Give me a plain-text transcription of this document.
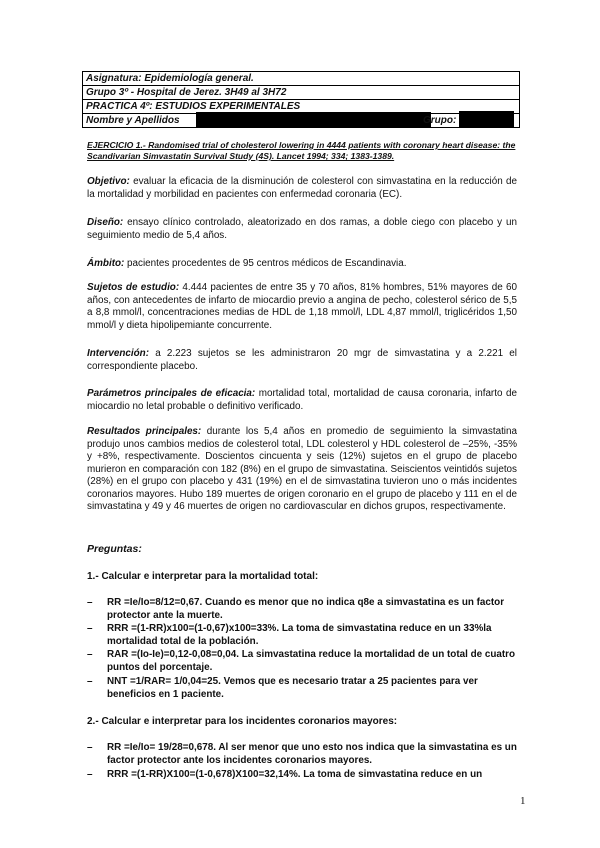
Asignatura: Epidemiología general.
Grupo 3º - Hospital de Jerez. 3H49 al 3H72
PRACTICA 4º: ESTUDIOS EXPERIMENTALES
Nombre y Apellidos	Grupo:
EJERCICIO 1.- Randomised trial of cholesterol lowering in 4444 patients with coronary heart disease: the Scandivarian Simvastatin Survival Study (4S). Lancet 1994; 334; 1383-1389.
Objetivo: evaluar la eficacia de la disminución de colesterol con simvastatina en la reducción de la mortalidad y morbilidad en pacientes con enfermedad coronaria (EC).
Diseño: ensayo clínico controlado, aleatorizado en dos ramas, a doble ciego con placebo y un seguimiento medio de 5,4 años.
Ámbito: pacientes procedentes de 95 centros médicos de Escandinavia.
Sujetos de estudio: 4.444 pacientes de entre 35 y 70 años, 81% hombres, 51% mayores de 60 años, con antecedentes de infarto de miocardio previo a angina de pecho, colesterol sérico de 5,5 a 8,8 mmol/l, concentraciones medias de HDL de 1,18 mmol/l, LDL 4,87 mmol/l, triglicéridos 1,50 mmol/l y dieta hipolipemiante concurrente.
Intervención: a 2.223 sujetos se les administraron 20 mgr de simvastatina y a 2.221 el correspondiente placebo.
Parámetros principales de eficacia: mortalidad total, mortalidad de causa coronaria, infarto de miocardio no letal probable o definitivo verificado.
Resultados principales: durante los 5,4 años en promedio de seguimiento la simvastatina produjo unos cambios medios de colesterol total, LDL colesterol y HDL colesterol de –25%, -35% y +8%, respectivamente. Doscientos cincuenta y seis (12%) sujetos en el grupo de placebo murieron en comparación con 182 (8%) en el grupo de simvastatina. Seiscientos veintidós sujetos (28%) en el grupo con placebo y 431 (19%) en el de simvastatina tuvieron uno o más incidentes coronarios mayores. Hubo 189 muertes de origen coronario en el grupo de placebo y 111 en el de simvastatina y 49 y 46 muertes de origen no cardiovascular en dichos grupos, respectivamente.
Preguntas:
1.- Calcular e interpretar para la mortalidad total:
– RR =Ie/Io=8/12=0,67. Cuando es menor que no indica q8e a simvastatina es un factor protector ante la muerte.
– RRR =(1-RR)x100=(1-0,67)x100=33%. La toma de simvastatina reduce en un 33%la mortalidad total de la población.
– RAR =(Io-Ie)=0,12-0,08=0,04. La simvastatina reduce la mortalidad de un total de cuatro puntos del porcentaje.
– NNT =1/RAR= 1/0,04=25. Vemos que es necesario tratar a 25 pacientes para ver beneficios en 1 paciente.
2.- Calcular e interpretar para los incidentes coronarios mayores:
– RR =Ie/Io= 19/28=0,678. Al ser menor que uno esto nos indica que la simvastatina es un factor protector ante los incidentes coronarios mayores.
– RRR =(1-RR)X100=(1-0,678)X100=32,14%. La toma de simvastatina reduce en un
1
